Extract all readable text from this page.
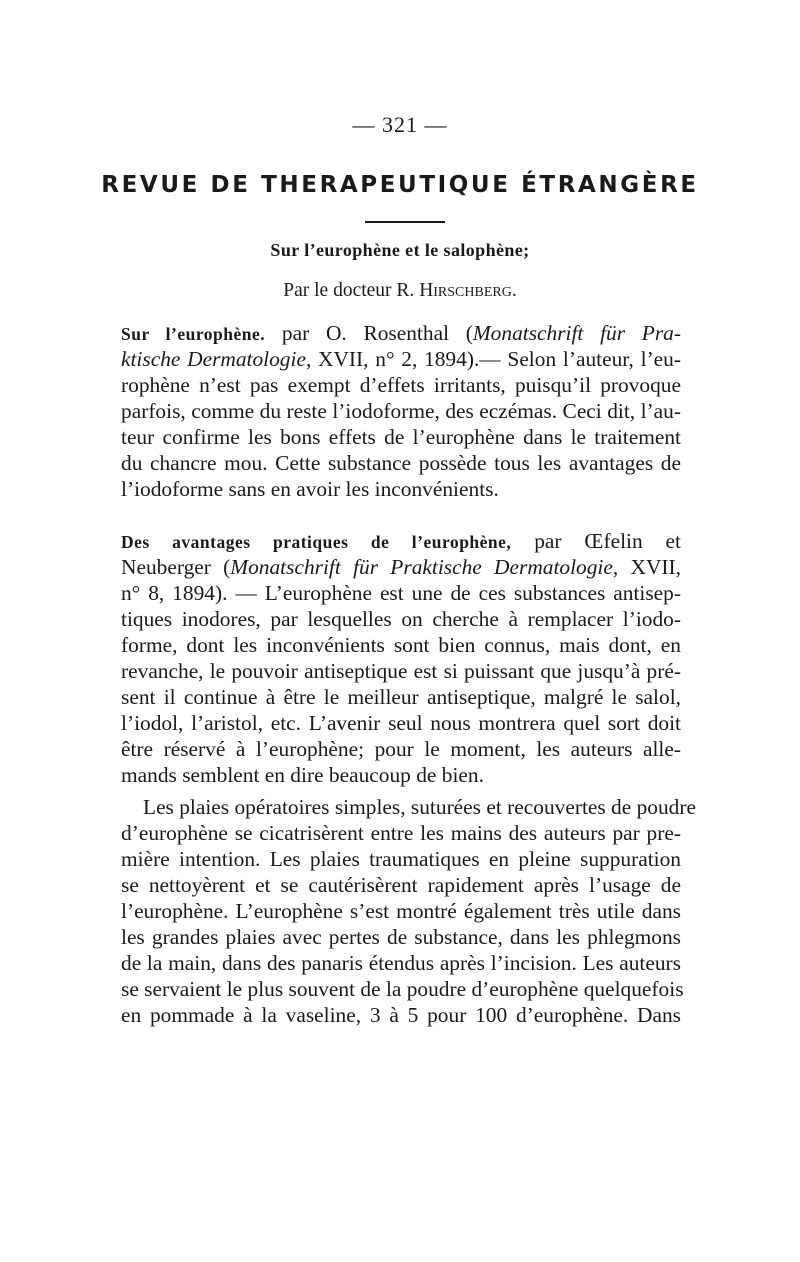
— 321 —
REVUE DE THERAPEUTIQUE ÉTRANGÈRE
Sur l’europhène et le salophène;
Par le docteur R. Hirschberg.
Sur l’europhène. par O. Rosenthal (Monatschrift für Pra-
ktische Dermatologie, XVII, n° 2, 1894).— Selon l’auteur, l’eu-
rophène n’est pas exempt d’effets irritants, puisqu’il provoque
parfois, comme du reste l’iodoforme, des eczémas. Ceci dit, l’au-
teur confirme les bons effets de l’europhène dans le traitement
du chancre mou. Cette substance possède tous les avantages de
l’iodoforme sans en avoir les inconvénients.
Des avantages pratiques de l’europhène, par Œfelin et
Neuberger (Monatschrift für Praktische Dermatologie, XVII,
n° 8, 1894). — L’europhène est une de ces substances antisep-
tiques inodores, par lesquelles on cherche à remplacer l’iodo-
forme, dont les inconvénients sont bien connus, mais dont, en
revanche, le pouvoir antiseptique est si puissant que jusqu’à pré-
sent il continue à être le meilleur antiseptique, malgré le salol,
l’iodol, l’aristol, etc. L’avenir seul nous montrera quel sort doit
être réservé à l’europhène; pour le moment, les auteurs alle-
mands semblent en dire beaucoup de bien.
Les plaies opératoires simples, suturées et recouvertes de poudre
d’europhène se cicatrisèrent entre les mains des auteurs par pre-
mière intention. Les plaies traumatiques en pleine suppuration
se nettoyèrent et se cautérisèrent rapidement après l’usage de
l’europhène. L’europhène s’est montré également très utile dans
les grandes plaies avec pertes de substance, dans les phlegmons
de la main, dans des panaris étendus après l’incision. Les auteurs
se servaient le plus souvent de la poudre d’europhène quelquefois
en pommade à la vaseline, 3 à 5 pour 100 d’europhène. Dans
